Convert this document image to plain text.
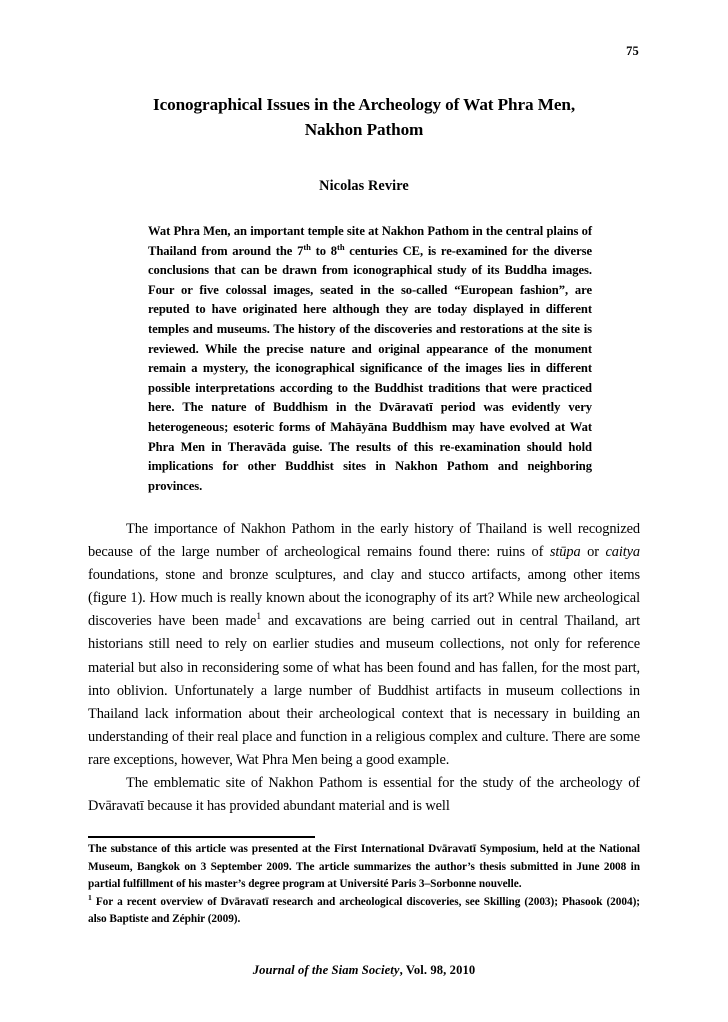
75
Iconographical Issues in the Archeology of Wat Phra Men,
Nakhon Pathom

Nicolas Revire

Wat Phra Men, an important temple site at Nakhon Pathom in the central plains of Thailand from around the 7th to 8th centuries CE, is re-examined for the diverse conclusions that can be drawn from iconographical study of its Buddha images. Four or five colossal images, seated in the so-called “European fashion”, are reputed to have originated here although they are today displayed in different temples and museums. The history of the discoveries and restorations at the site is reviewed. While the precise nature and original appearance of the monument remain a mystery, the iconographical significance of the images lies in different possible interpretations according to the Buddhist traditions that were practiced here. The nature of Buddhism in the Dvāravatī period was evidently very heterogeneous; esoteric forms of Mahāyāna Buddhism may have evolved at Wat Phra Men in Theravāda guise. The results of this re-examination should hold implications for other Buddhist sites in Nakhon Pathom and neighboring provinces.

The importance of Nakhon Pathom in the early history of Thailand is well recognized because of the large number of archeological remains found there: ruins of stūpa or caitya foundations, stone and bronze sculptures, and clay and stucco artifacts, among other items (figure 1). How much is really known about the iconography of its art? While new archeological discoveries have been made$^1$ and excavations are being carried out in central Thailand, art historians still need to rely on earlier studies and museum collections, not only for reference material but also in reconsidering some of what has been found and has fallen, for the most part, into oblivion. Unfortunately a large number of Buddhist artifacts in museum collections in Thailand lack information about their archeological context that is necessary in building an understanding of their real place and function in a religious complex and culture. There are some rare exceptions, however, Wat Phra Men being a good example.

The emblematic site of Nakhon Pathom is essential for the study of the archeology of Dvāravatī because it has provided abundant material and is well

The substance of this article was presented at the First International Dvāravatī Symposium, held at the National Museum, Bangkok on 3 September 2009. The article summarizes the author’s thesis submitted in June 2008 in partial fulfillment of his master’s degree program at Université Paris 3–Sorbonne nouvelle.

$^1$ For a recent overview of Dvāravatī research and archeological discoveries, see Skilling (2003); Phasook (2004); also Baptiste and Zéphir (2009).

Journal of the Siam Society, Vol. 98, 2010
